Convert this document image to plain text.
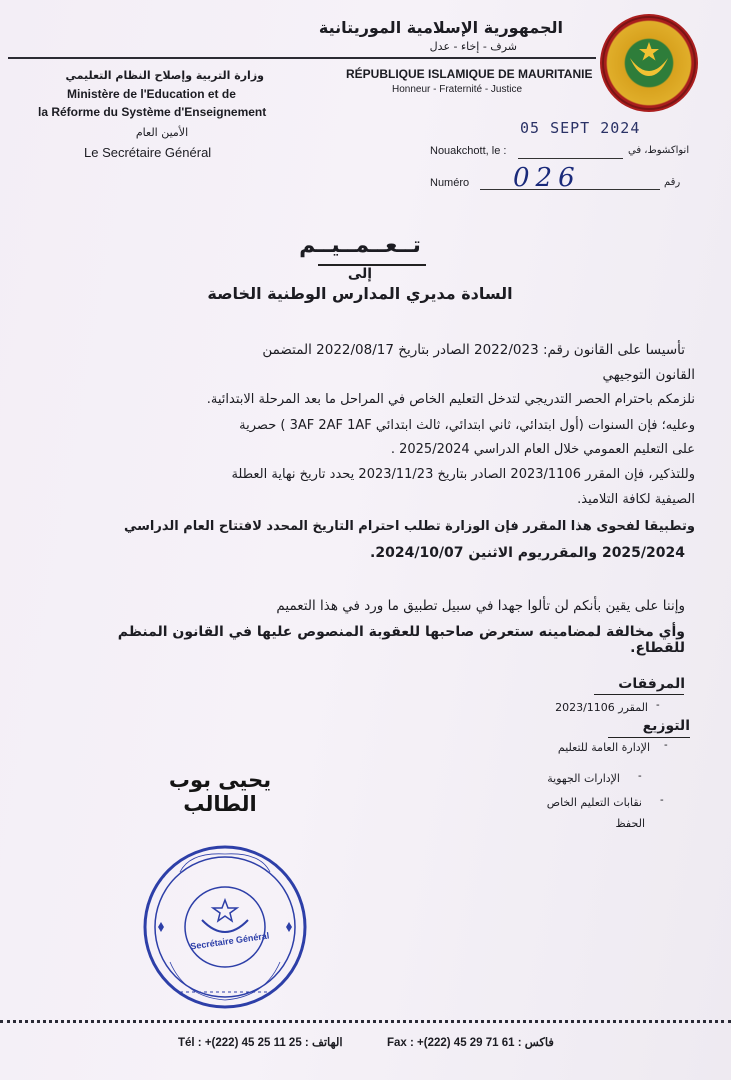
الجمهورية الإسلامية الموريتانية
شرف - إخاء - عدل
RÉPUBLIQUE ISLAMIQUE DE MAURITANIE
Honneur - Fraternité - Justice
وزارة التربية وإصلاح النظام التعليمي
Ministère de l'Education et de
la Réforme du Système d'Enseignement
الأمين العام
Le Secrétaire Général	Nouakchott, le :
05 SEPT 2024
انواكشوط، في
Numéro 026	رقم
تــعــمــيــم
إلى
السادة مديري المدارس الوطنية الخاصة
تأسيسا على القانون رقم: 2022/023 الصادر بتاريخ 2022/08/17 المتضمن
القانون التوجيهي
نلزمكم باحترام الحصر التدريجي لتدخل التعليم الخاص في المراحل ما بعد المرحلة الابتدائية.
وعليه؛ فإن السنوات (أول ابتدائي، ثاني ابتدائي، ثالث ابتدائي 3AF 2AF 1AF ) حصرية
على التعليم العمومي خلال العام الدراسي 2025/2024 .
وللتذكير، فإن المقرر 2023/1106 الصادر بتاريخ 2023/11/23 يحدد تاريخ نهاية العطلة
الصيفية لكافة التلاميذ.
وتطبيقا لفحوى هذا المقرر فإن الوزارة تطلب احترام التاريخ المحدد لافتتاح العام الدراسي
2025/2024 والمقرريوم الاثنين 2024/10/07.
وإننا على يقين بأنكم لن تألوا جهدا في سبيل تطبيق ما ورد في هذا التعميم
وأي مخالفة لمضامينه ستعرض صاحبها للعقوبة المنصوص عليها في القانون المنظم للقطاع.
المرفقات
المقرر 2023/1106 -
التوزيع
الإدارة العامة للتعليم -
الإدارات الجهوية -
نقابات التعليم الخاص -
الحفظ
يحيى بوب الطالب
Secrétaire Général
Tél : +(222) 45 25 11 25 : الهاتف	Fax : +(222) 45 29 71 61 : فاكس
